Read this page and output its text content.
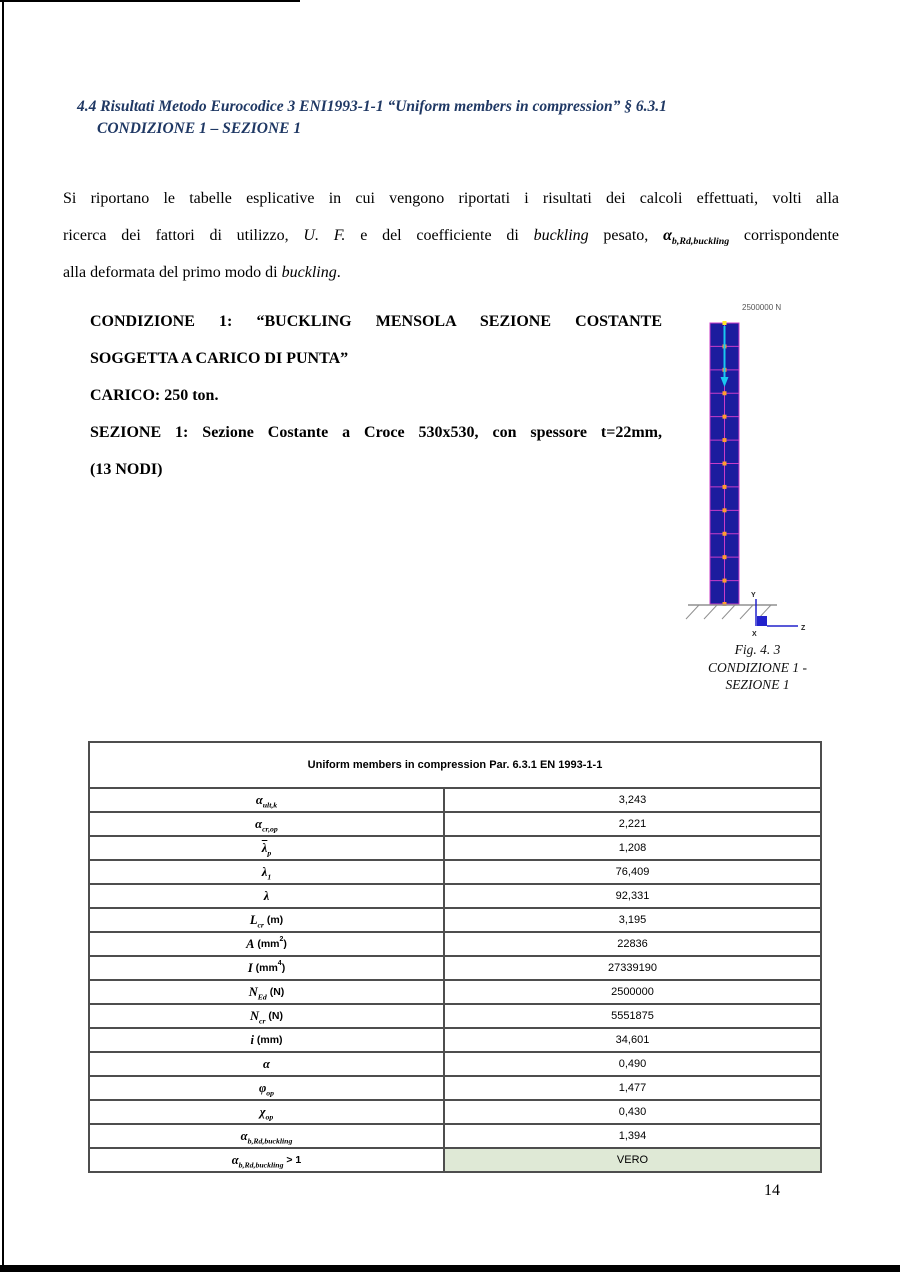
4.4 Risultati Metodo Eurocodice 3 ENI1993-1-1 “Uniform members in compression” § 6.3.1
CONDIZIONE 1 – SEZIONE 1
Si riportano le tabelle esplicative in cui vengono riportati i risultati dei calcoli effettuati, volti alla
ricerca dei fattori di utilizzo, U. F. e del coefficiente di buckling pesato, $\alpha_{b,Rd,buckling}$ corrispondente
alla deformata del primo modo di buckling.
CONDIZIONE 1: “BUCKLING MENSOLA SEZIONE COSTANTE
SOGGETTA A CARICO DI PUNTA”
CARICO: 250 ton.
SEZIONE 1: Sezione Costante a Croce 530x530, con spessore t=22mm,
(13 NODI)
2500000 N
Y
X
Z
Fig. 4. 3
CONDIZIONE 1 -
SEZIONE 1
Uniform members in compression Par. 6.3.1 EN 1993-1-1	
$\alpha_{ult,k}$	3,243
$\alpha_{cr,op}$	2,221
$\overline{\lambda}_p$	1,208
$\lambda_1$	76,409
λ	92,331
$L_{cr}$ (m)	3,195
A $(mm^2)$	22836
I $(mm^4)$	27339190
$N_{Ed}$ (N)	2500000
$N_{cr}$ (N)	5551875
i (mm)	34,601
α	0,490
$\varphi_{op}$	1,477
$\chi_{op}$	0,430
$\alpha_{b,Rd,buckling}$	1,394
$\alpha_{b,Rd,buckling} > 1$	VERO
14
